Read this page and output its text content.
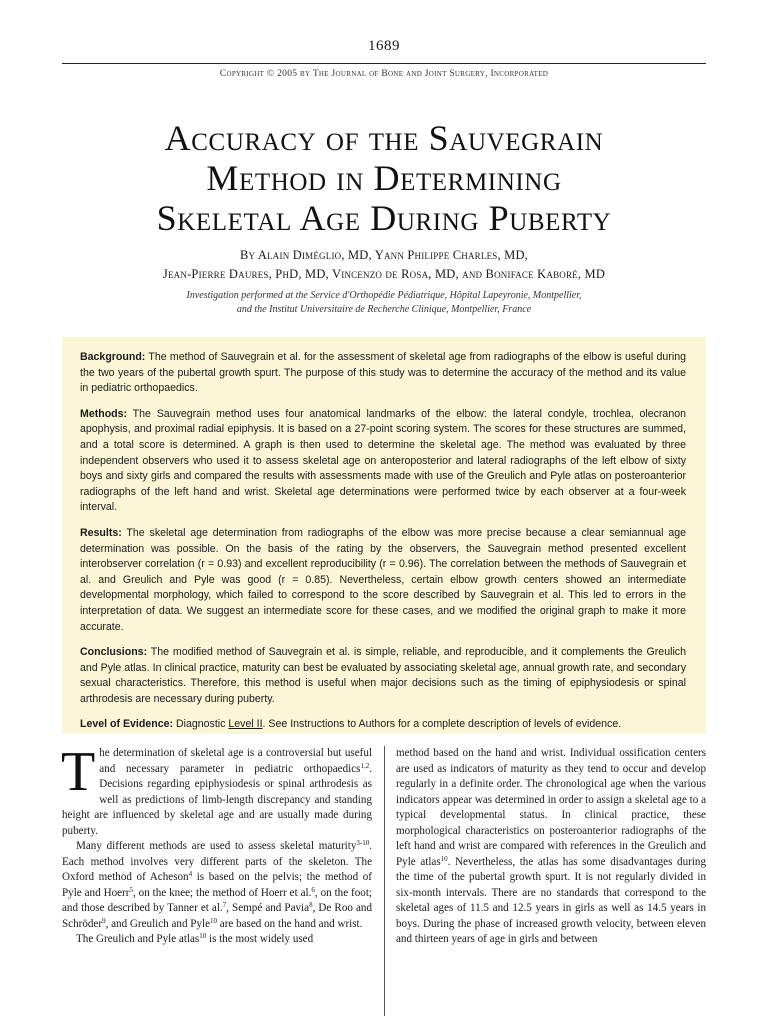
1689
Copyright © 2005 by The Journal of Bone and Joint Surgery, Incorporated
Accuracy of the Sauvegrain
Method in Determining
Skeletal Age During Puberty
By Alain Diméglio, MD, Yann Philippe Charles, MD,
Jean-Pierre Daures, PhD, MD, Vincenzo de Rosa, MD, and Boniface Kaboré, MD
Investigation performed at the Service d'Orthopédie Pédiatrique, Hôpital Lapeyronie, Montpellier,
and the Institut Universitaire de Recherche Clinique, Montpellier, France

Background: The method of Sauvegrain et al. for the assessment of skeletal age from radiographs of the elbow is useful during the two years of the pubertal growth spurt. The purpose of this study was to determine the accuracy of the method and its value in pediatric orthopaedics.

Methods: The Sauvegrain method uses four anatomical landmarks of the elbow: the lateral condyle, trochlea, olecranon apophysis, and proximal radial epiphysis. It is based on a 27-point scoring system. The scores for these structures are summed, and a total score is determined. A graph is then used to determine the skeletal age. The method was evaluated by three independent observers who used it to assess skeletal age on anteroposterior and lateral radiographs of the left elbow of sixty boys and sixty girls and compared the results with assessments made with use of the Greulich and Pyle atlas on posteroanterior radiographs of the left hand and wrist. Skeletal age determinations were performed twice by each observer at a four-week interval.

Results: The skeletal age determination from radiographs of the elbow was more precise because a clear semiannual age determination was possible. On the basis of the rating by the observers, the Sauvegrain method presented excellent interobserver correlation (r = 0.93) and excellent reproducibility (r = 0.96). The correlation between the methods of Sauvegrain et al. and Greulich and Pyle was good (r = 0.85). Nevertheless, certain elbow growth centers showed an intermediate developmental morphology, which failed to correspond to the score described by Sauvegrain et al. This led to errors in the interpretation of data. We suggest an intermediate score for these cases, and we modified the original graph to make it more accurate.

Conclusions: The modified method of Sauvegrain et al. is simple, reliable, and reproducible, and it complements the Greulich and Pyle atlas. In clinical practice, maturity can best be evaluated by associating skeletal age, annual growth rate, and secondary sexual characteristics. Therefore, this method is useful when major decisions such as the timing of epiphysiodesis or spinal arthrodesis are necessary during puberty.

Level of Evidence: Diagnostic Level II. See Instructions to Authors for a complete description of levels of evidence.

The determination of skeletal age is a controversial but useful and necessary parameter in pediatric orthopaedics$^{1,2}$. Decisions regarding epiphysiodesis or spinal arthrodesis as well as predictions of limb-length discrepancy and standing height are influenced by skeletal age and are usually made during puberty.

Many different methods are used to assess skeletal maturity$^{3-10}$. Each method involves very different parts of the skeleton. The Oxford method of Acheson$^4$ is based on the pelvis; the method of Pyle and Hoerr$^5$, on the knee; the method of Hoerr et al.$^6$, on the foot; and those described by Tanner et al.$^7$, Sempé and Pavia$^8$, De Roo and Schröder$^9$, and Greulich and Pyle$^{10}$ are based on the hand and wrist.

The Greulich and Pyle atlas$^{10}$ is the most widely used

method based on the hand and wrist. Individual ossification centers are used as indicators of maturity as they tend to occur and develop regularly in a definite order. The chronological age when the various indicators appear was determined in order to assign a skeletal age to a typical developmental status. In clinical practice, these morphological characteristics on posteroanterior radiographs of the left hand and wrist are compared with references in the Greulich and Pyle atlas$^{10}$. Nevertheless, the atlas has some disadvantages during the time of the pubertal growth spurt. It is not regularly divided in six-month intervals. There are no standards that correspond to the skeletal ages of 11.5 and 12.5 years in girls as well as 14.5 years in boys. During the phase of increased growth velocity, between eleven and thirteen years of age in girls and between
